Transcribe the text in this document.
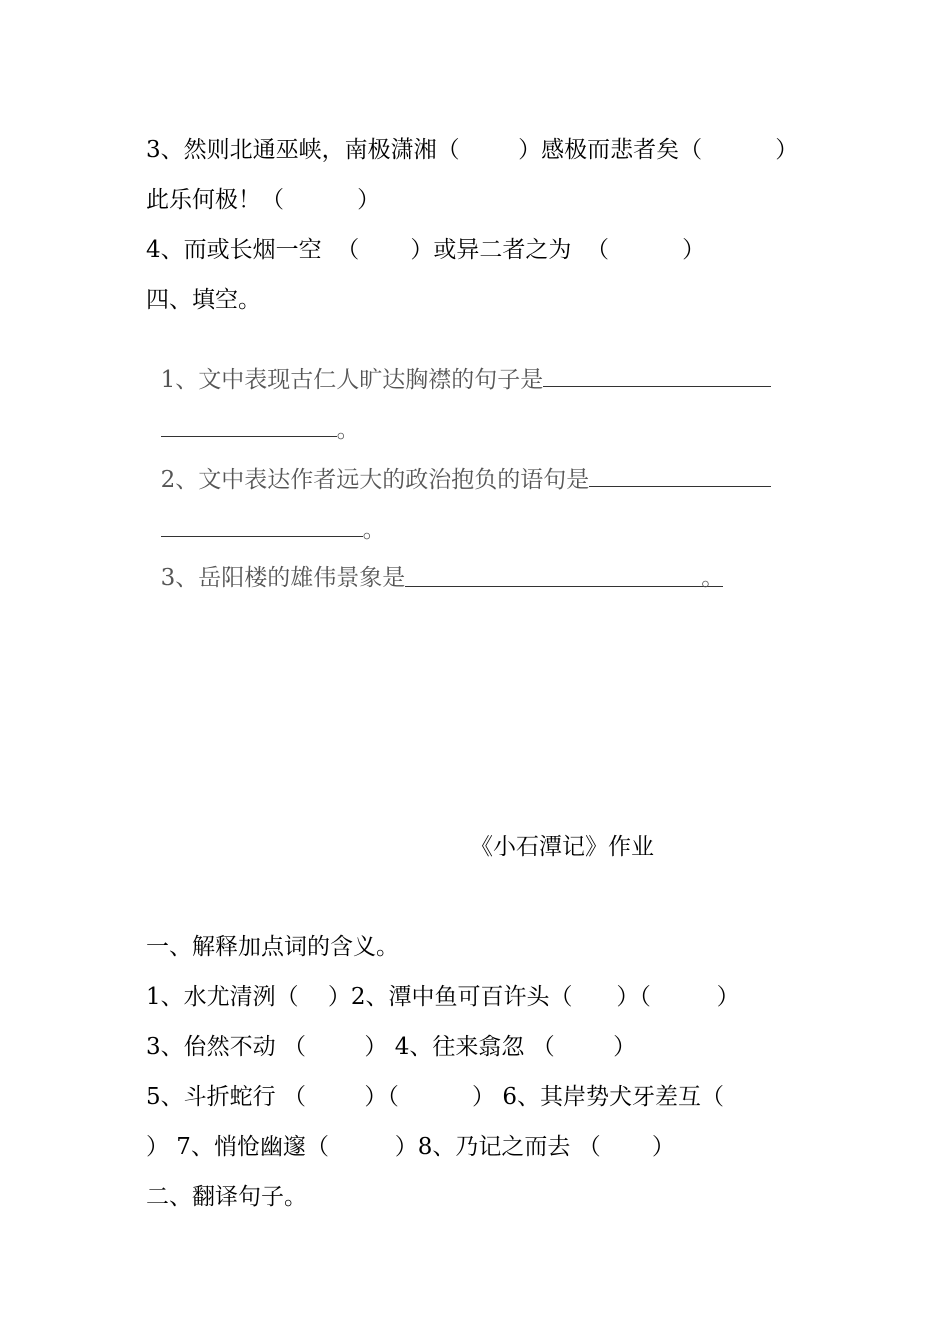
3、然则北通巫峡，南极潇湘（        ）感极而悲者矣（          ）
此乐何极！（          ）
4、而或长烟一空  （       ）或异二者之为  （          ）
四、填空。

1、文中表现古仁人旷达胸襟的句子是

。

2、文中表达作者远大的政治抱负的语句是

。

3、岳阳楼的雄伟景象是	。

《小石潭记》作业
一、解释加点词的含义。
1、水尤清洌（    ）2、潭中鱼可百许头（      ）（         ）
3、佁然不动 （        ） 4、往来翕忽 （        ）
5、斗折蛇行 （        ）（          ） 6、其岸势犬牙差互（
） 7、悄怆幽邃（         ）8、乃记之而去 （       ）
二、翻译句子。
